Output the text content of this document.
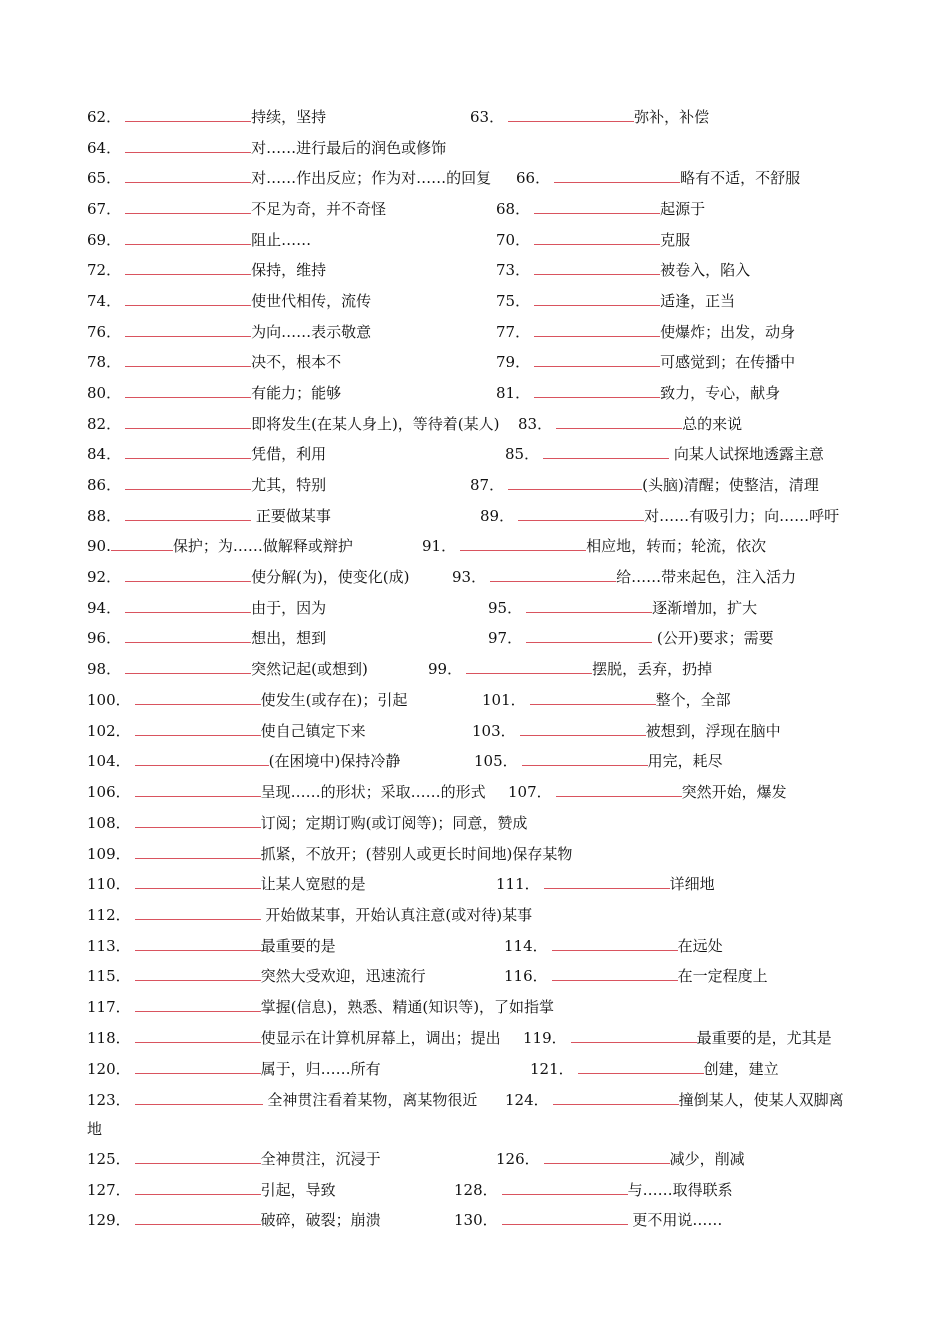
62．	持续，坚持	63．	弥补，补偿
64．	对……进行最后的润色或修饰
65．	对……作出反应；作为对……的回复 66．	略有不适，不舒服
67．	不足为奇，并不奇怪	68．	起源于
69．	阻止……	70．	克服
72．	保持，维持	73．	被卷入，陷入
74．	使世代相传，流传	75．	适逢，正当
76．	为向……表示敬意	77．	使爆炸；出发，动身
78．	决不，根本不	79．	可感觉到；在传播中
80．	有能力；能够	81．	致力，专心，献身
82．	即将发生(在某人身上)，等待着(某人) 83．	总的来说
84．	凭借，利用	85．	向某人试探地透露主意
86．	尤其，特别	87．	(头脑)清醒；使整洁，清理
88．	正要做某事	89．	对……有吸引力；向……呼吁
90.	保护；为……做解释或辩护	91．	相应地，转而；轮流，依次
92．	使分解(为)，使变化(成)	93．	给……带来起色，注入活力
94．	由于，因为	95．	逐渐增加，扩大
96．	想出，想到	97．	(公开)要求；需要
98．	突然记起(或想到)	99．	摆脱，丢弃，扔掉
100．	使发生(或存在)；引起	101．	整个，全部
102．	使自己镇定下来	103．	被想到，浮现在脑中
104．	(在困境中)保持冷静	105．	用完，耗尽
106．	呈现……的形状；采取……的形式 107．	突然开始，爆发
108．	订阅；定期订购(或订阅等)；同意，赞成
109．	抓紧，不放开；(替别人或更长时间地)保存某物
110．	让某人宽慰的是	111．	详细地
112．	开始做某事，开始认真注意(或对待)某事
113．	最重要的是	114．	在远处
115．	突然大受欢迎，迅速流行	116．	在一定程度上
117．	掌握(信息)，熟悉、精通(知识等)，了如指掌
118．	使显示在计算机屏幕上，调出；提出 119．	最重要的是，尤其是
120．	属于，归……所有	121．	创建，建立
123．	全神贯注看着某物，离某物很近 124．	撞倒某人，使某人双脚离
地
125．	全神贯注，沉浸于	126．	减少，削减
127．	引起，导致	128．	与……取得联系
129．	破碎，破裂；崩溃	130．	更不用说……
